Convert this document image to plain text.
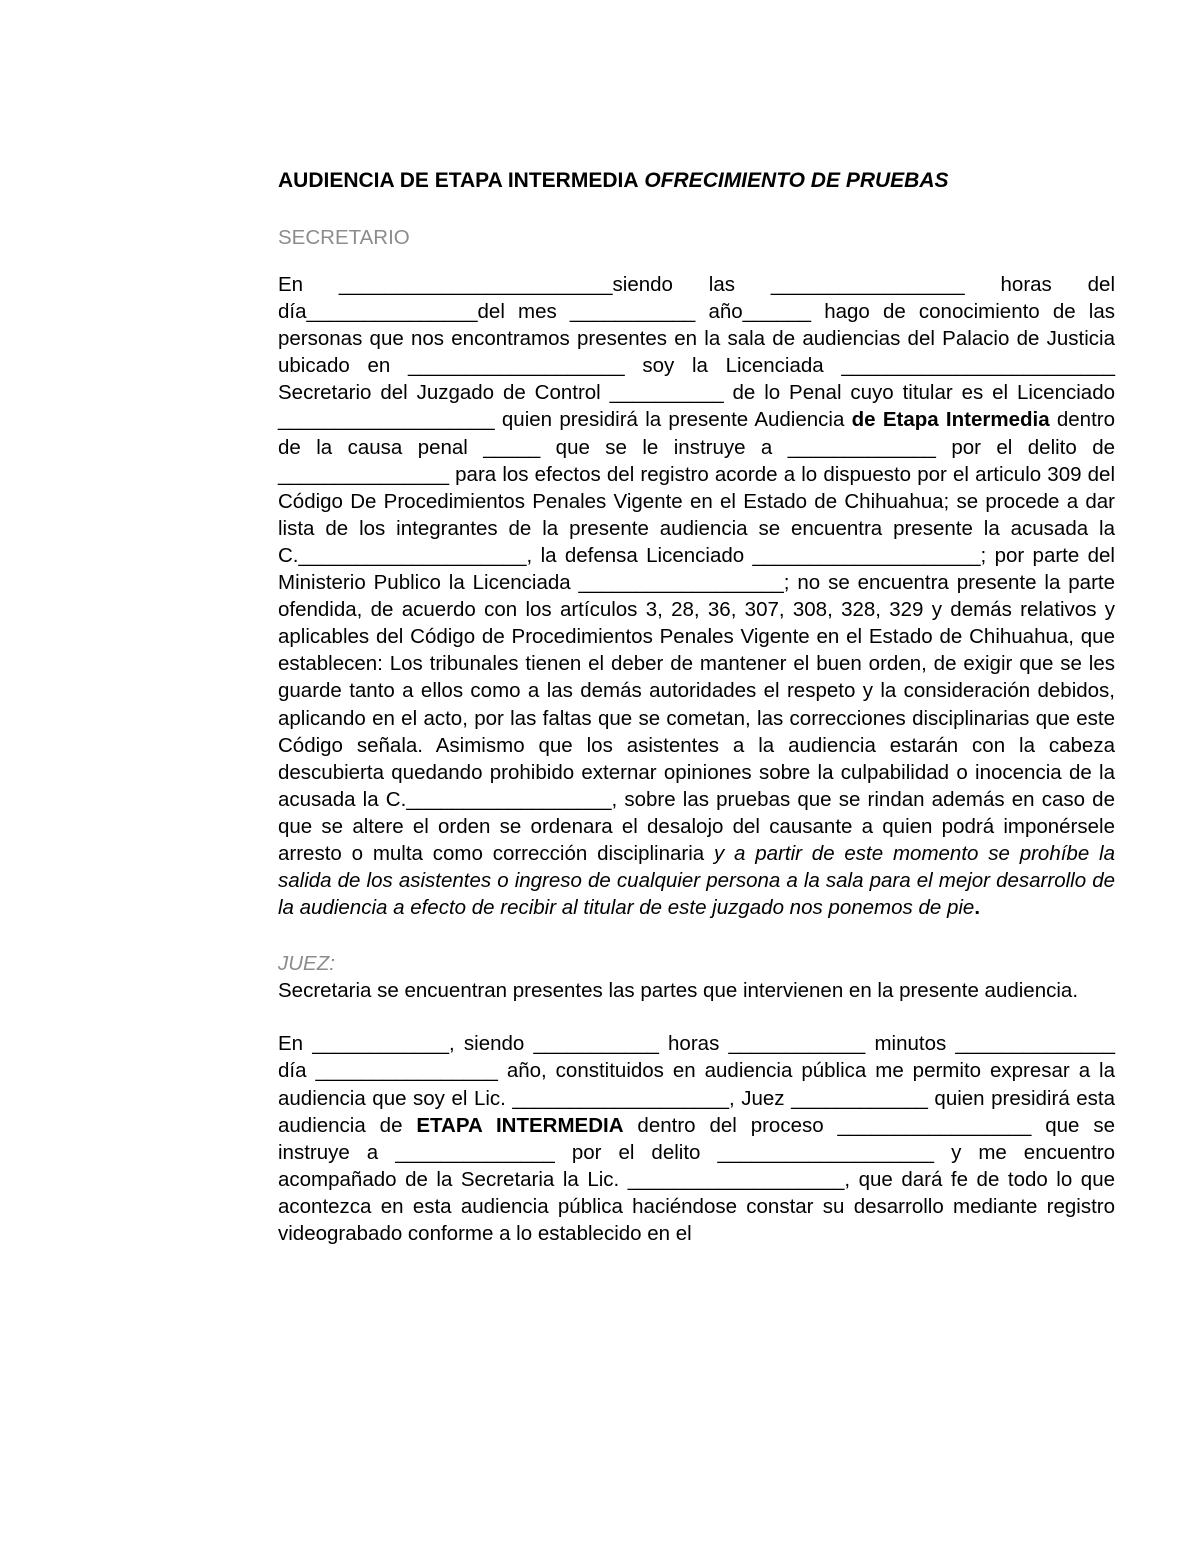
AUDIENCIA DE ETAPA INTERMEDIA OFRECIMIENTO DE PRUEBAS
SECRETARIO

En ________________________siendo las _________________ horas del día_______________del mes ___________ año______ hago de conocimiento de las personas que nos encontramos presentes en la sala de audiencias del Palacio de Justicia ubicado en ___________________ soy la Licenciada ________________________ Secretario del Juzgado de Control __________ de lo Penal cuyo titular es el Licenciado ___________________ quien presidirá la presente Audiencia de Etapa Intermedia dentro de la causa penal _____ que se le instruye a _____________ por el delito de _______________ para los efectos del registro acorde a lo dispuesto por el articulo 309 del Código De Procedimientos Penales Vigente en el Estado de Chihuahua; se procede a dar lista de los integrantes de la presente audiencia se encuentra presente la acusada la C.____________________, la defensa Licenciado ____________________; por parte del Ministerio Publico la Licenciada __________________; no se encuentra presente la parte ofendida, de acuerdo con los artículos 3, 28, 36, 307, 308, 328, 329 y demás relativos y aplicables del Código de Procedimientos Penales Vigente en el Estado de Chihuahua, que establecen: Los tribunales tienen el deber de mantener el buen orden, de exigir que se les guarde tanto a ellos como a las demás autoridades el respeto y la consideración debidos, aplicando en el acto, por las faltas que se cometan, las correcciones disciplinarias que este Código señala. Asimismo que los asistentes a la audiencia estarán con la cabeza descubierta quedando prohibido externar opiniones sobre la culpabilidad o inocencia de la acusada la C.__________________, sobre las pruebas que se rindan además en caso de que se altere el orden se ordenara el desalojo del causante a quien podrá imponérsele arresto o multa como corrección disciplinaria y a partir de este momento se prohíbe la salida de los asistentes o ingreso de cualquier persona a la sala para el mejor desarrollo de la audiencia a efecto de recibir al titular de este juzgado nos ponemos de pie.

JUEZ:

Secretaria se encuentran presentes las partes que intervienen en la presente audiencia.

En ____________, siendo ___________ horas ____________ minutos ______________ día ________________ año, constituidos en audiencia pública me permito expresar a la audiencia que soy el Lic. ___________________, Juez ____________ quien presidirá esta audiencia de ETAPA INTERMEDIA dentro del proceso _________________ que se instruye a ______________ por el delito ___________________ y me encuentro acompañado de la Secretaria la Lic. ___________________, que dará fe de todo lo que acontezca en esta audiencia pública haciéndose constar su desarrollo mediante registro videograbado conforme a lo establecido en el
